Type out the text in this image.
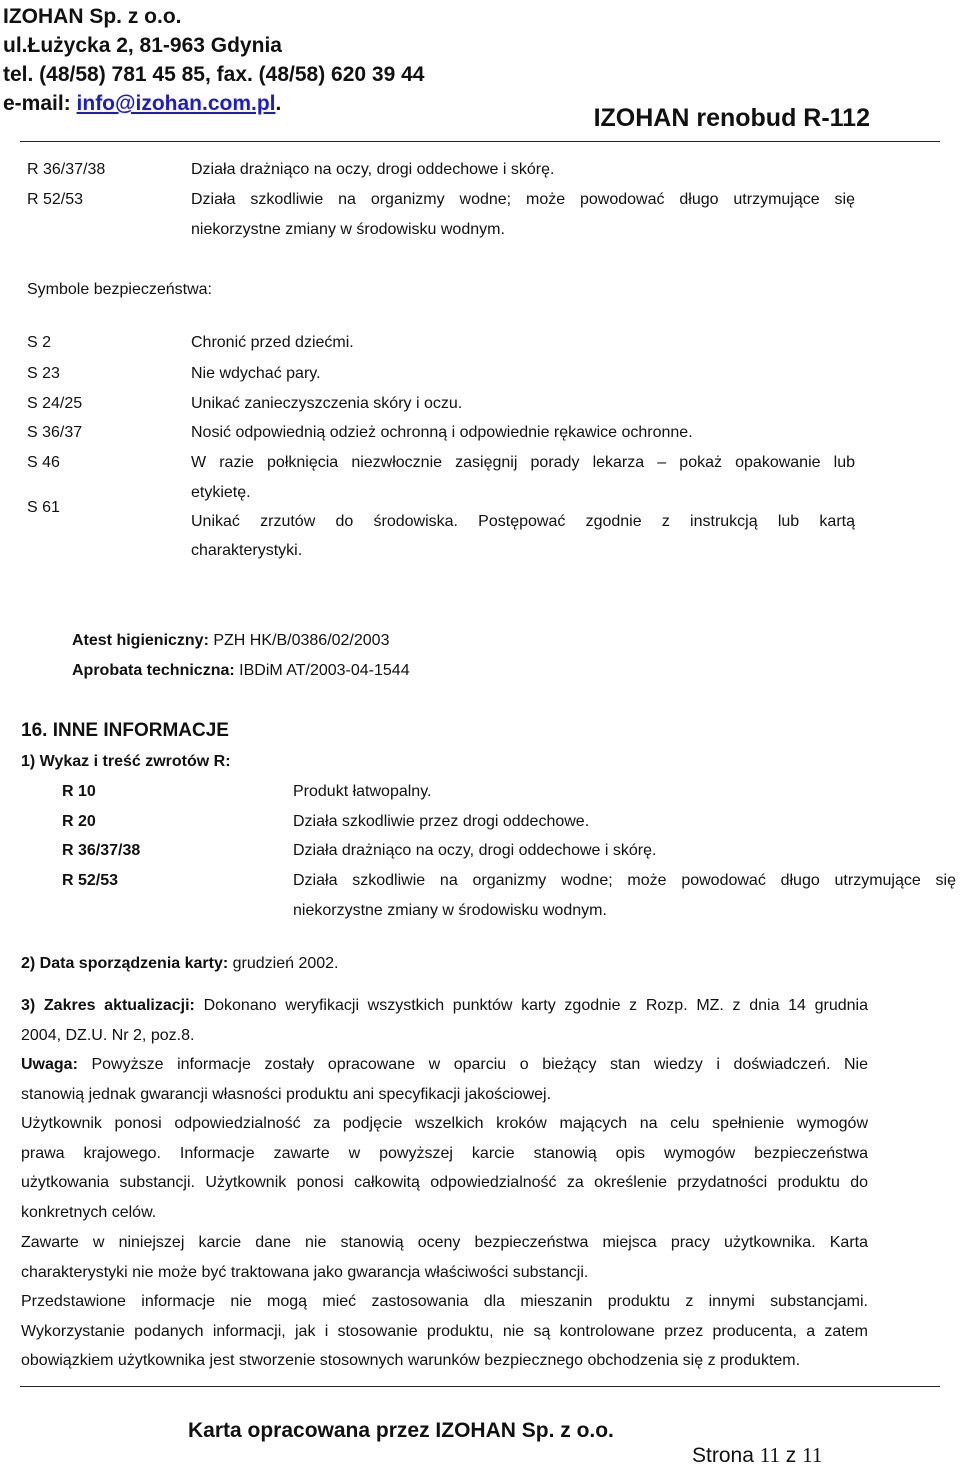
IZOHAN Sp. z o.o.
ul.Łużycka 2, 81-963 Gdynia
tel. (48/58) 781 45 85, fax. (48/58) 620 39 44
e-mail: info@izohan.com.pl.
IZOHAN renobud R-112
R 36/37/38	Działa drażniąco na oczy, drogi oddechowe i skórę.
R 52/53	Działa szkodliwie na organizmy wodne; może powodować długo utrzymujące się
niekorzystne zmiany w środowisku wodnym.
Symbole bezpieczeństwa:
S 2	Chronić przed dziećmi.
S 23	Nie wdychać pary.
S 24/25	Unikać zanieczyszczenia skóry i oczu.
S 36/37	Nosić odpowiednią odzież ochronną i odpowiednie rękawice ochronne.
S 46	W razie połknięcia niezwłocznie zasięgnij porady lekarza – pokaż opakowanie lub
etykietę.
S 61
Unikać zrzutów do środowiska. Postępować zgodnie z instrukcją lub kartą
charakterystyki.
Atest higieniczny: PZH HK/B/0386/02/2003
Aprobata techniczna: IBDiM AT/2003-04-1544
16. INNE INFORMACJE
1) Wykaz i treść zwrotów R:
R 10	Produkt łatwopalny.
R 20	Działa szkodliwie przez drogi oddechowe.
R 36/37/38	Działa drażniąco na oczy, drogi oddechowe i skórę.
R 52/53	Działa szkodliwie na organizmy wodne; może powodować długo utrzymujące się
niekorzystne zmiany w środowisku wodnym.
2) Data sporządzenia karty: grudzień 2002.
3) Zakres aktualizacji: Dokonano weryfikacji wszystkich punktów karty zgodnie z Rozp. MZ. z dnia 14 grudnia
2004, DZ.U. Nr 2, poz.8.
Uwaga: Powyższe informacje zostały opracowane w oparciu o bieżący stan wiedzy i doświadczeń. Nie
stanowią jednak gwarancji własności produktu ani specyfikacji jakościowej.
Użytkownik ponosi odpowiedzialność za podjęcie wszelkich kroków mających na celu spełnienie wymogów
prawa krajowego. Informacje zawarte w powyższej karcie stanowią opis wymogów bezpieczeństwa
użytkowania substancji. Użytkownik ponosi całkowitą odpowiedzialność za określenie przydatności produktu do
konkretnych celów.
Zawarte w niniejszej karcie dane nie stanowią oceny bezpieczeństwa miejsca pracy użytkownika. Karta
charakterystyki nie może być traktowana jako gwarancja właściwości substancji.
Przedstawione informacje nie mogą mieć zastosowania dla mieszanin produktu z innymi substancjami.
Wykorzystanie podanych informacji, jak i stosowanie produktu, nie są kontrolowane przez producenta, a zatem
obowiązkiem użytkownika jest stworzenie stosownych warunków bezpiecznego obchodzenia się z produktem.
Karta opracowana przez IZOHAN Sp. z o.o.
Strona 11 z 11
